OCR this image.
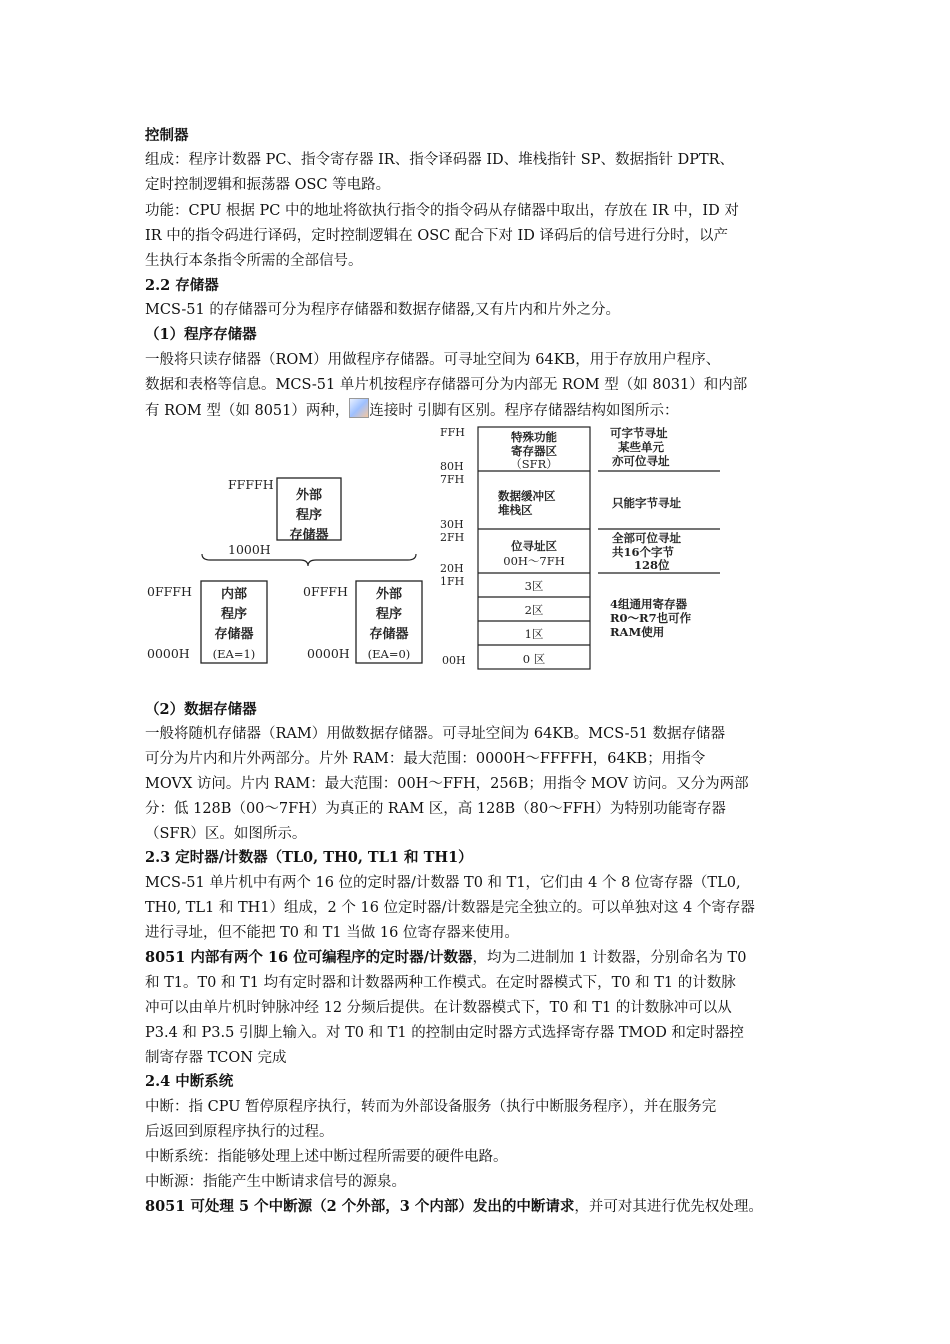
控制器
组成：程序计数器 PC、指令寄存器 IR、指令译码器 ID、堆栈指针 SP、数据指针 DPTR、
定时控制逻辑和振荡器 OSC 等电路。
功能：CPU 根据 PC 中的地址将欲执行指令的指令码从存储器中取出，存放在 IR 中，ID 对
IR 中的指令码进行译码，定时控制逻辑在 OSC 配合下对 ID 译码后的信号进行分时，以产
生执行本条指令所需的全部信号。
2.2 存储器
MCS-51 的存储器可分为程序存储器和数据存储器,又有片内和片外之分。
（1）程序存储器
一般将只读存储器（ROM）用做程序存储器。可寻址空间为 64KB，用于存放用户程序、
数据和表格等信息。MCS-51 单片机按程序存储器可分为内部无 ROM 型（如 8031）和内部
有 ROM 型（如 8051）两种， 连接时 引脚有区别。程序存储器结构如图所示：
FFFFH
1000H
0FFFH
0000H
0FFFH
0000H
外部
程序
存储器
内部
程序
存储器
外部
程序
存储器
(EA=1)	(EA=0)
FFH
80H
7FH
30H
2FH
20H
1FH
00H
特殊功能
寄存器区
（SFR）
数据缓冲区
堆栈区
位寻址区
00H～7FH
3区
2区
1区
0 区
可字节寻址
某些单元
亦可位寻址
只能字节寻址
全部可位寻址
共16个字节
128位
4组通用寄存器
R0～R7也可作
RAM使用
（2）数据存储器
一般将随机存储器（RAM）用做数据存储器。可寻址空间为 64KB。MCS-51 数据存储器
可分为片内和片外两部分。片外 RAM：最大范围：0000H～FFFFH，64KB；用指令
MOVX 访问。片内 RAM：最大范围：00H～FFH，256B；用指令 MOV 访问。又分为两部
分：低 128B（00～7FH）为真正的 RAM 区，高 128B（80～FFH）为特别功能寄存器
（SFR）区。如图所示。
2.3 定时器/计数器（TL0, TH0, TL1 和 TH1）
MCS-51 单片机中有两个 16 位的定时器/计数器 T0 和 T1，它们由 4 个 8 位寄存器（TL0,
TH0, TL1 和 TH1）组成，2 个 16 位定时器/计数器是完全独立的。可以单独对这 4 个寄存器
进行寻址，但不能把 T0 和 T1 当做 16 位寄存器来使用。
8051 内部有两个 16 位可编程序的定时器/计数器，均为二进制加 1 计数器，分别命名为 T0
和 T1。T0 和 T1 均有定时器和计数器两种工作模式。在定时器模式下，T0 和 T1 的计数脉
冲可以由单片机时钟脉冲经 12 分频后提供。在计数器模式下，T0 和 T1 的计数脉冲可以从
P3.4 和 P3.5 引脚上输入。对 T0 和 T1 的控制由定时器方式选择寄存器 TMOD 和定时器控
制寄存器 TCON 完成
2.4 中断系统
中断：指 CPU 暂停原程序执行，转而为外部设备服务（执行中断服务程序），并在服务完
后返回到原程序执行的过程。
中断系统：指能够处理上述中断过程所需要的硬件电路。
中断源：指能产生中断请求信号的源泉。
8051 可处理 5 个中断源（2 个外部，3 个内部）发出的中断请求，并可对其进行优先权处理。
